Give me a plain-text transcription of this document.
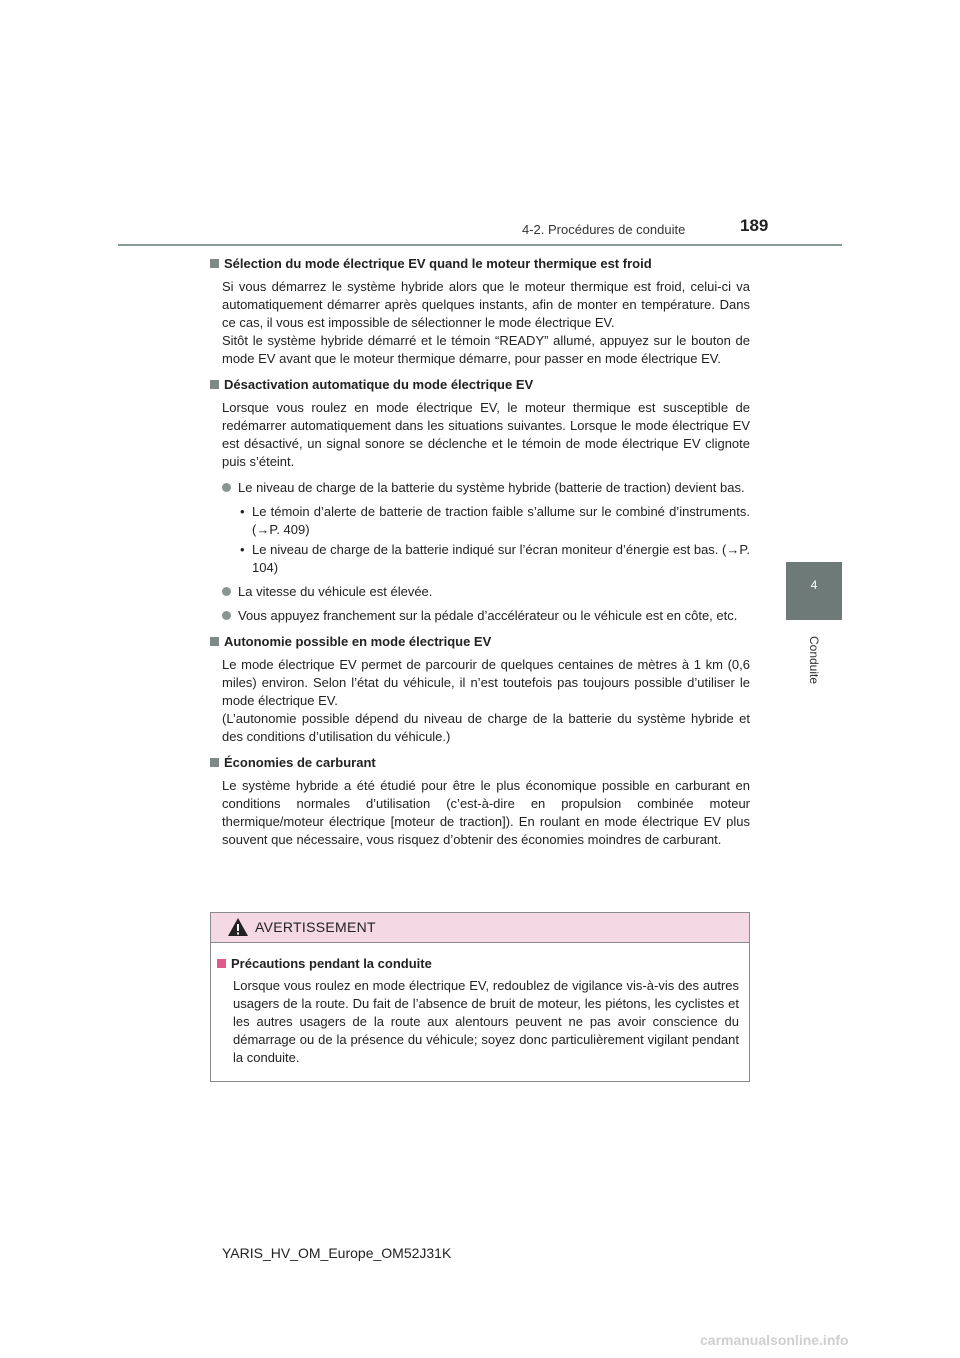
4-2. Procédures de conduite	189
4
Conduite
Sélection du mode électrique EV quand le moteur thermique est froid
Si vous démarrez le système hybride alors que le moteur thermique est froid, celui-ci va automatiquement démarrer après quelques instants, afin de monter en température. Dans ce cas, il vous est impossible de sélectionner le mode électrique EV.
Sitôt le système hybride démarré et le témoin “READY” allumé, appuyez sur le bouton de mode EV avant que le moteur thermique démarre, pour passer en mode électrique EV.
Désactivation automatique du mode électrique EV
Lorsque vous roulez en mode électrique EV, le moteur thermique est susceptible de redémarrer automatiquement dans les situations suivantes. Lorsque le mode électrique EV est désactivé, un signal sonore se déclenche et le témoin de mode électrique EV clignote puis s’éteint.
Le niveau de charge de la batterie du système hybride (batterie de traction) devient bas.
• Le témoin d’alerte de batterie de traction faible s’allume sur le combiné d’instruments. (→P. 409)
• Le niveau de charge de la batterie indiqué sur l’écran moniteur d’énergie est bas. (→P. 104)
La vitesse du véhicule est élevée.
Vous appuyez franchement sur la pédale d’accélérateur ou le véhicule est en côte, etc.
Autonomie possible en mode électrique EV
Le mode électrique EV permet de parcourir de quelques centaines de mètres à 1 km (0,6 miles) environ. Selon l’état du véhicule, il n’est toutefois pas toujours possible d’utiliser le mode électrique EV.
(L’autonomie possible dépend du niveau de charge de la batterie du système hybride et des conditions d’utilisation du véhicule.)
Économies de carburant
Le système hybride a été étudié pour être le plus économique possible en carburant en conditions normales d’utilisation (c’est-à-dire en propulsion combinée moteur thermique/moteur électrique [moteur de traction]). En roulant en mode électrique EV plus souvent que nécessaire, vous risquez d’obtenir des économies moindres de carburant.
AVERTISSEMENT
Précautions pendant la conduite
Lorsque vous roulez en mode électrique EV, redoublez de vigilance vis-à-vis des autres usagers de la route. Du fait de l’absence de bruit de moteur, les piétons, les cyclistes et les autres usagers de la route aux alentours peuvent ne pas avoir conscience du démarrage ou de la présence du véhicule; soyez donc particulièrement vigilant pendant la conduite.
YARIS_HV_OM_Europe_OM52J31K
carmanualsonline.info
